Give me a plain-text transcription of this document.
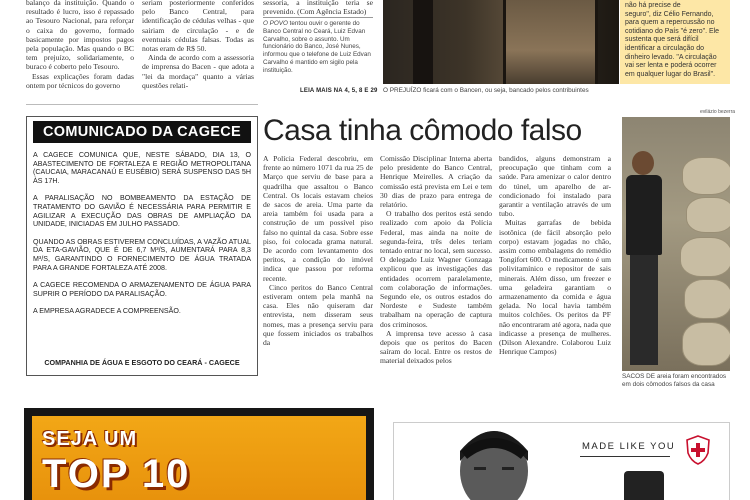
balanço da instituição. Quando o resultado é lucro, isso é repassado ao Tesouro Nacional, para reforçar o caixa do governo, formado basicamente por impostos pagos pela população. Mas quando o BC tem prejuízo, solidariamente, o buraco é coberto pelo Tesouro.

Essas explicações foram dadas ontem por técnicos do governo

seriam posteriormente conferidos pelo Banco Central, para identificação de cédulas velhas - que sairiam de circulação - e de eventuais cédulas falsas. Todas as notas eram de R$ 50.

Ainda de acordo com a assessoria de imprensa do Bacen - que adota a "lei da mordaça" quanto a várias questões relati-

sessoria, a instituição teria se prevenido. (Com Agência Estado)

O POVO tentou ouvir o gerente do Banco Central no Ceará, Luiz Edvan Carvalho, sobre o assunto. Um funcionário do Banco, José Nunes, informou que o telefone de Luiz Edvan Carvalho é mantido em sigilo pela instituição.
LEIA MAIS NA 4, 5, 8 E 29 O PREJUÍZO ficará com o Bancen, ou seja, bancado pelos contribuintes
não há precise de
seguro", diz Célio Fernando, para quem a repercussão no cotidiano do País "é zero". Ele sustenta que será difícil identificar a circulação do dinheiro levado. "A circulação vai ser lenta e poderá ocorrer em qualquer lugar do Brasil".
COMUNICADO DA CAGECE

A CAGECE COMUNICA QUE, NESTE SÁBADO, DIA 13, O ABASTECIMENTO DE FORTALEZA E REGIÃO METROPOLITANA (CAUCAIA, MARACANAÚ E EUSÉBIO) SERÁ SUSPENSO DAS 5H ÀS 17H.

A PARALISAÇÃO NO BOMBEAMENTO DA ESTAÇÃO DE TRATAMENTO DO GAVIÃO É NECESSÁRIA PARA PERMITIR E AGILIZAR A EXECUÇÃO DAS OBRAS DE AMPLIAÇÃO DA UNIDADE, INICIADAS EM JULHO PASSADO.

QUANDO AS OBRAS ESTIVEREM CONCLUÍDAS, A VAZÃO ATUAL DA ETA-GAVIÃO, QUE É DE 6,7 M³/S, AUMENTARÁ PARA 8,3 M³/S, GARANTINDO O FORNECIMENTO DE ÁGUA TRATADA PARA A GRANDE FORTALEZA ATÉ 2008.

A CAGECE RECOMENDA O ARMAZENAMENTO DE ÁGUA PARA SUPRIR O PERÍODO DA PARALISAÇÃO.

A EMPRESA AGRADECE A COMPREENSÃO.

COMPANHIA DE ÁGUA E ESGOTO DO CEARÁ - CAGECE
Casa tinha cômodo falso
evilázio bezerra

A Polícia Federal descobriu, em frente ao número 1071 da rua 25 de Março que serviu de base para a quadrilha que assaltou o Banco Central. Os locais estavam cheios de sacos de areia. Uma parte da areia também foi usada para a construção de um possível piso falso no quintal da casa. Sobre esse piso, foi colocada grama natural. De acordo com levantamento dos peritos, a condição do imóvel indica que passou por reforma recente.

Cinco peritos do Banco Central estiveram ontem pela manhã na casa. Eles não quiseram dar entrevista, nem disseram seus nomes, mas a presença serviu para que fossem iniciados os trabalhos da

Comissão Disciplinar Interna aberta pelo presidente do Banco Central, Henrique Meirelles. A criação da comissão está prevista em Lei e tem 30 dias de prazo para entrega de relatório.

O trabalho dos peritos está sendo realizado com apoio da Polícia Federal, mas ainda na noite de segunda-feira, três deles teriam tentado entrar no local, sem sucesso. O delegado Luiz Wagner Gonzaga explicou que as investigações das entidades ocorrem paralelamente, com colaboração de informações. Segundo ele, os outros estados do Nordeste e Sudeste também trabalham na operação de captura dos criminosos.

A imprensa teve acesso à casa depois que os peritos do Bacen saíram do local. Entre os restos de material deixados pelos

bandidos, alguns demonstram a preocupação que tinham com a saúde. Para amenizar o calor dentro do túnel, um aparelho de ar-condicionado foi instalado para garantir a ventilação através de um tubo.

Muitas garrafas de bebida isotônica (de fácil absorção pelo corpo) estavam jogadas no chão, assim como embalagens do remédio Tongifort 600. O medicamento é um polivitamínico e repositor de sais minerais. Além disso, um freezer e uma geladeira garantiam o armazenamento da comida e água gelada. No local havia também muitos colchões. Os peritos da PF não encontraram até agora, nada que indicasse a presença de mulheres. (Dilson Alexandre. Colaborou Luiz Henrique Campos)

SACOS DE areia foram encontrados em dois cômodos falsos da casa
SEJA UM
TOP 10
MADE LIKE YOU
